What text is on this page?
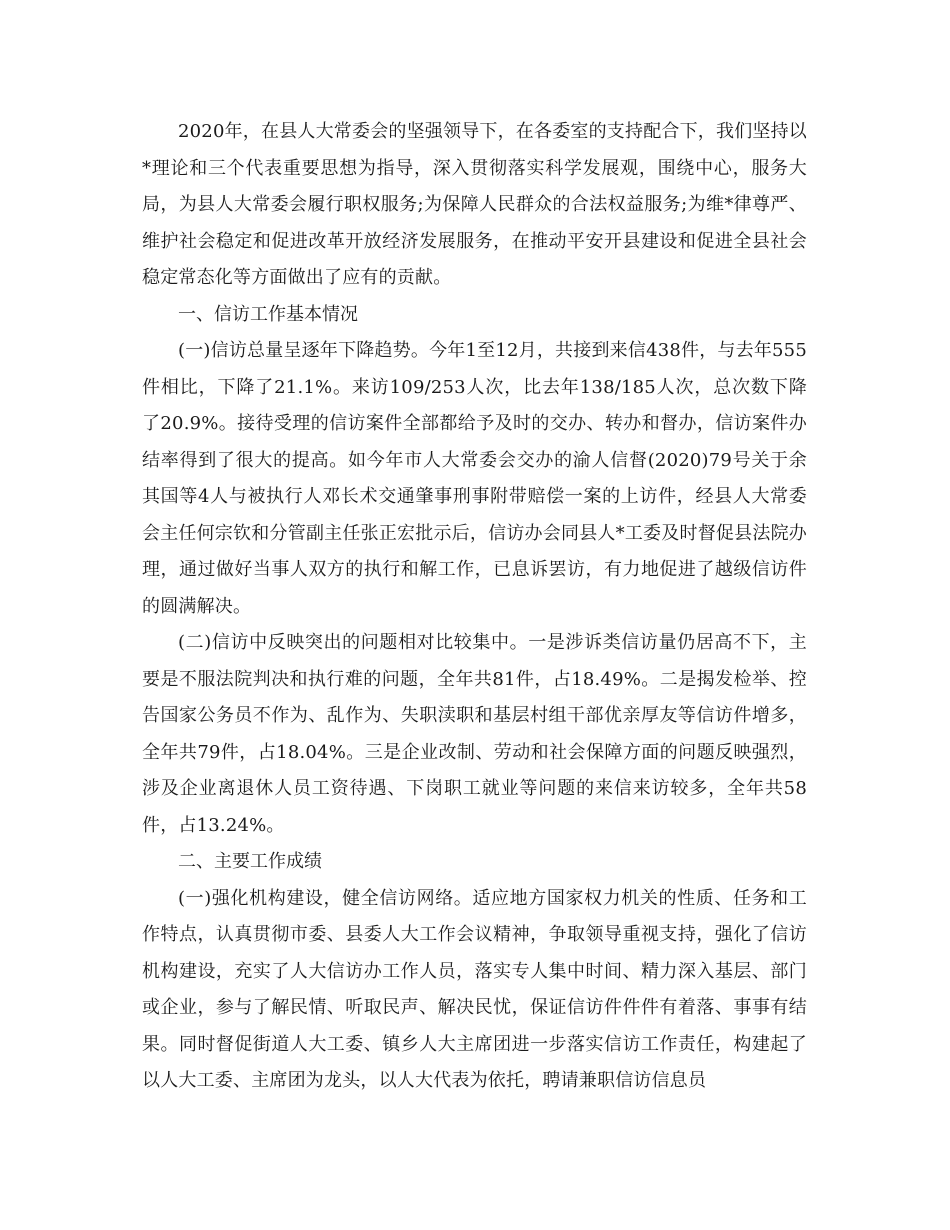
2020年，在县人大常委会的坚强领导下，在各委室的支持配合下，我们坚持以*理论和三个代表重要思想为指导，深入贯彻落实科学发展观，围绕中心，服务大局，为县人大常委会履行职权服务;为保障人民群众的合法权益服务;为维*律尊严、维护社会稳定和促进改革开放经济发展服务，在推动平安开县建设和促进全县社会稳定常态化等方面做出了应有的贡献。

一、信访工作基本情况

(一)信访总量呈逐年下降趋势。今年1至12月，共接到来信438件，与去年555件相比，下降了21.1%。来访109/253人次，比去年138/185人次，总次数下降了20.9%。接待受理的信访案件全部都给予及时的交办、转办和督办，信访案件办结率得到了很大的提高。如今年市人大常委会交办的渝人信督(2020)79号关于余其国等4人与被执行人邓长术交通肇事刑事附带赔偿一案的上访件，经县人大常委会主任何宗钦和分管副主任张正宏批示后，信访办会同县人*工委及时督促县法院办理，通过做好当事人双方的执行和解工作，已息诉罢访，有力地促进了越级信访件的圆满解决。

(二)信访中反映突出的问题相对比较集中。一是涉诉类信访量仍居高不下，主要是不服法院判决和执行难的问题，全年共81件，占18.49%。二是揭发检举、控告国家公务员不作为、乱作为、失职渎职和基层村组干部优亲厚友等信访件增多，全年共79件，占18.04%。三是企业改制、劳动和社会保障方面的问题反映强烈，涉及企业离退休人员工资待遇、下岗职工就业等问题的来信来访较多，全年共58件，占13.24%。

二、主要工作成绩

(一)强化机构建设，健全信访网络。适应地方国家权力机关的性质、任务和工作特点，认真贯彻市委、县委人大工作会议精神，争取领导重视支持，强化了信访机构建设，充实了人大信访办工作人员，落实专人集中时间、精力深入基层、部门或企业，参与了解民情、听取民声、解决民忧，保证信访件件件有着落、事事有结果。同时督促街道人大工委、镇乡人大主席团进一步落实信访工作责任，构建起了以人大工委、主席团为龙头，以人大代表为依托，聘请兼职信访信息员
